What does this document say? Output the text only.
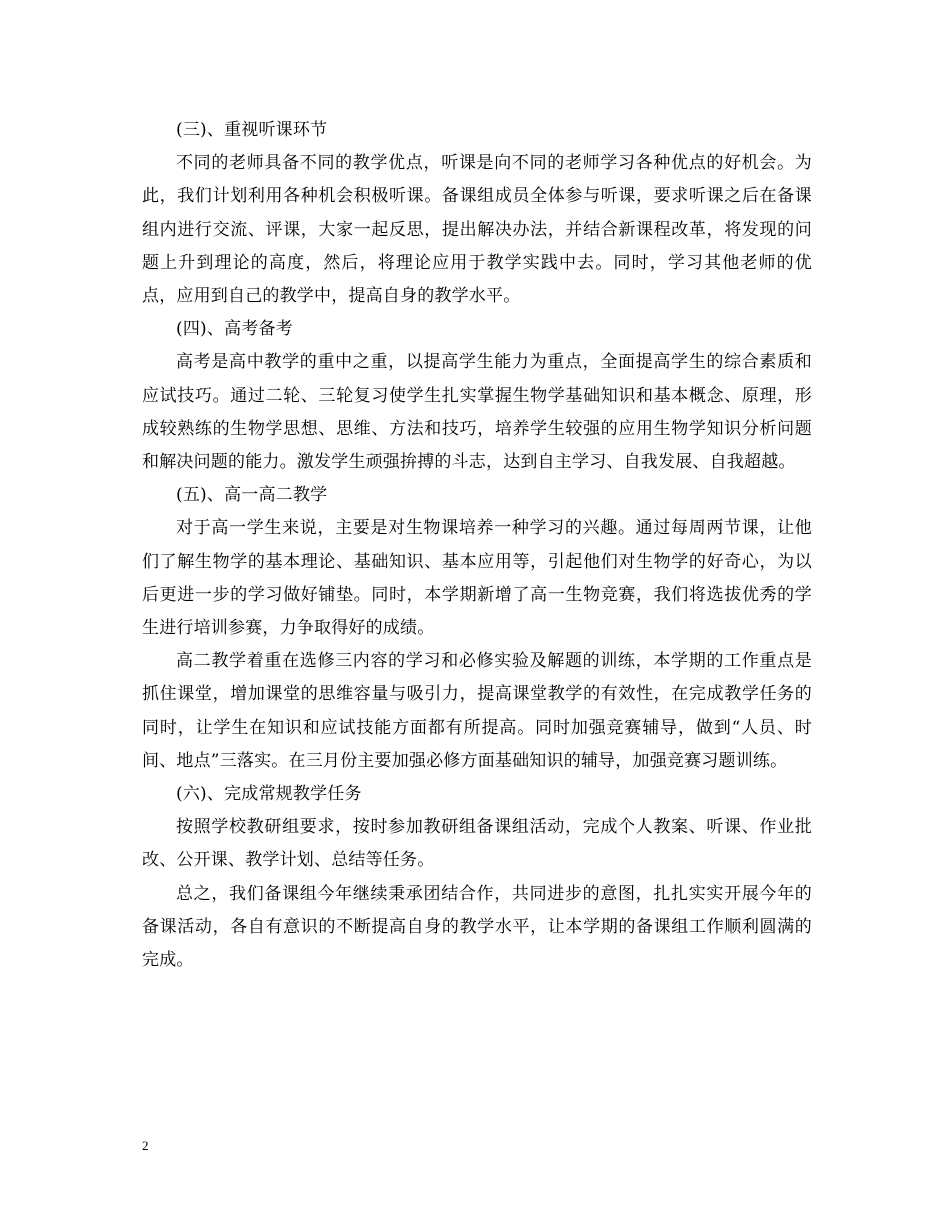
(三)、重视听课环节

不同的老师具备不同的教学优点，听课是向不同的老师学习各种优点的好机会。为此，我们计划利用各种机会积极听课。备课组成员全体参与听课，要求听课之后在备课组内进行交流、评课，大家一起反思，提出解决办法，并结合新课程改革，将发现的问题上升到理论的高度，然后，将理论应用于教学实践中去。同时，学习其他老师的优点，应用到自己的教学中，提高自身的教学水平。

(四)、高考备考

高考是高中教学的重中之重，以提高学生能力为重点，全面提高学生的综合素质和应试技巧。通过二轮、三轮复习使学生扎实掌握生物学基础知识和基本概念、原理，形成较熟练的生物学思想、思维、方法和技巧，培养学生较强的应用生物学知识分析问题和解决问题的能力。激发学生顽强拚搏的斗志，达到自主学习、自我发展、自我超越。

(五)、高一高二教学

对于高一学生来说，主要是对生物课培养一种学习的兴趣。通过每周两节课，让他们了解生物学的基本理论、基础知识、基本应用等，引起他们对生物学的好奇心，为以后更进一步的学习做好铺垫。同时，本学期新增了高一生物竞赛，我们将选拔优秀的学生进行培训参赛，力争取得好的成绩。

高二教学着重在选修三内容的学习和必修实验及解题的训练，本学期的工作重点是抓住课堂，增加课堂的思维容量与吸引力，提高课堂教学的有效性，在完成教学任务的同时，让学生在知识和应试技能方面都有所提高。同时加强竞赛辅导，做到“人员、时间、地点”三落实。在三月份主要加强必修方面基础知识的辅导，加强竞赛习题训练。

(六)、完成常规教学任务

按照学校教研组要求，按时参加教研组备课组活动，完成个人教案、听课、作业批改、公开课、教学计划、总结等任务。

总之，我们备课组今年继续秉承团结合作，共同进步的意图，扎扎实实开展今年的备课活动，各自有意识的不断提高自身的教学水平，让本学期的备课组工作顺利圆满的完成。

2
